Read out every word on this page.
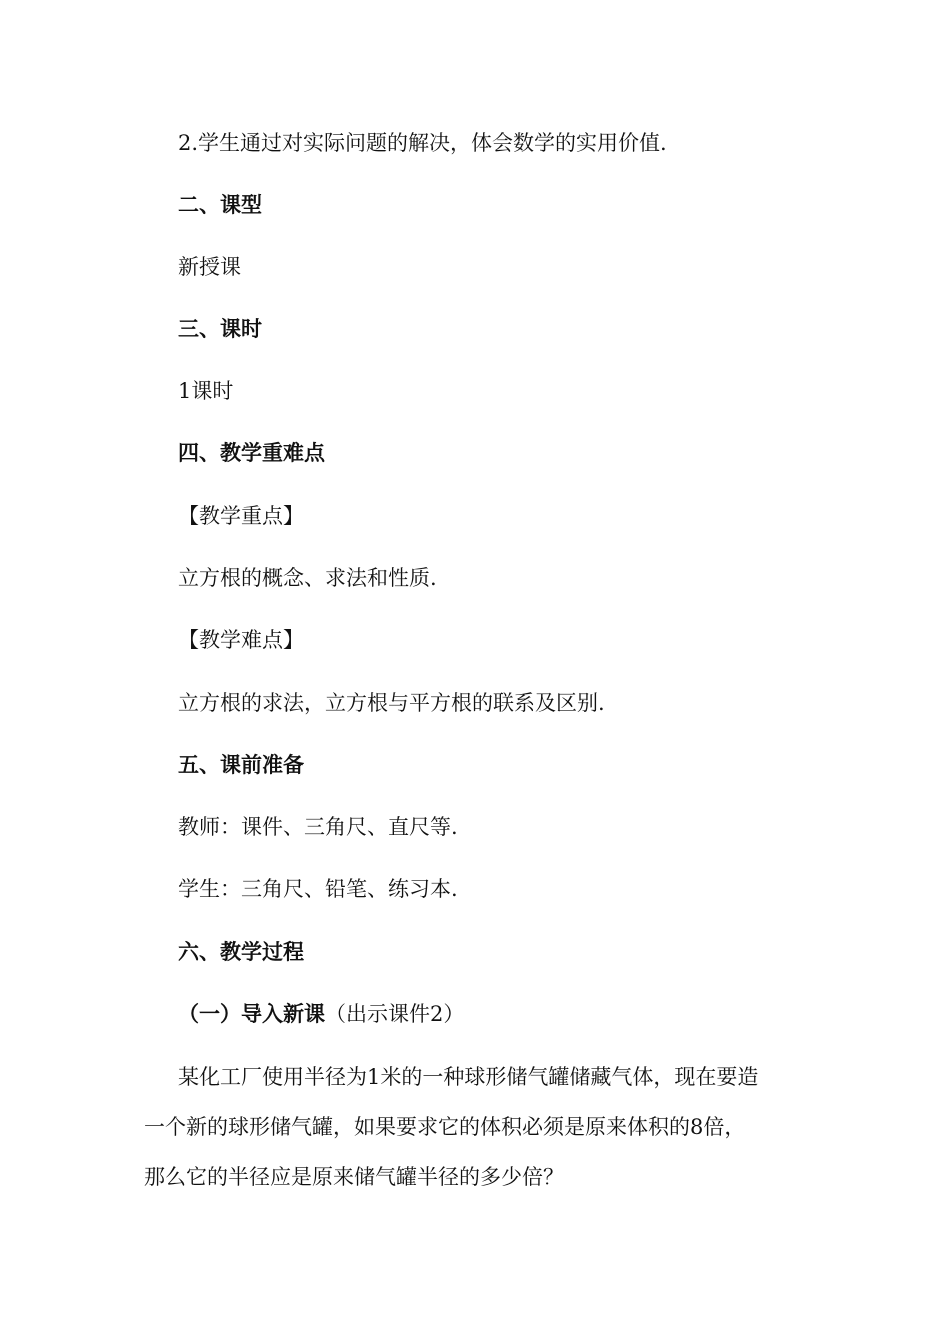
2.学生通过对实际问题的解决，体会数学的实用价值.
二、课型
新授课
三、课时
1课时
四、教学重难点
【教学重点】
立方根的概念、求法和性质.
【教学难点】
立方根的求法，立方根与平方根的联系及区别.
五、课前准备
教师：课件、三角尺、直尺等.
学生：三角尺、铅笔、练习本.
六、教学过程
（一）导入新课（出示课件2）
某化工厂使用半径为1米的一种球形储气罐储藏气体，现在要造
一个新的球形储气罐，如果要求它的体积必须是原来体积的8倍，
那么它的半径应是原来储气罐半径的多少倍？
